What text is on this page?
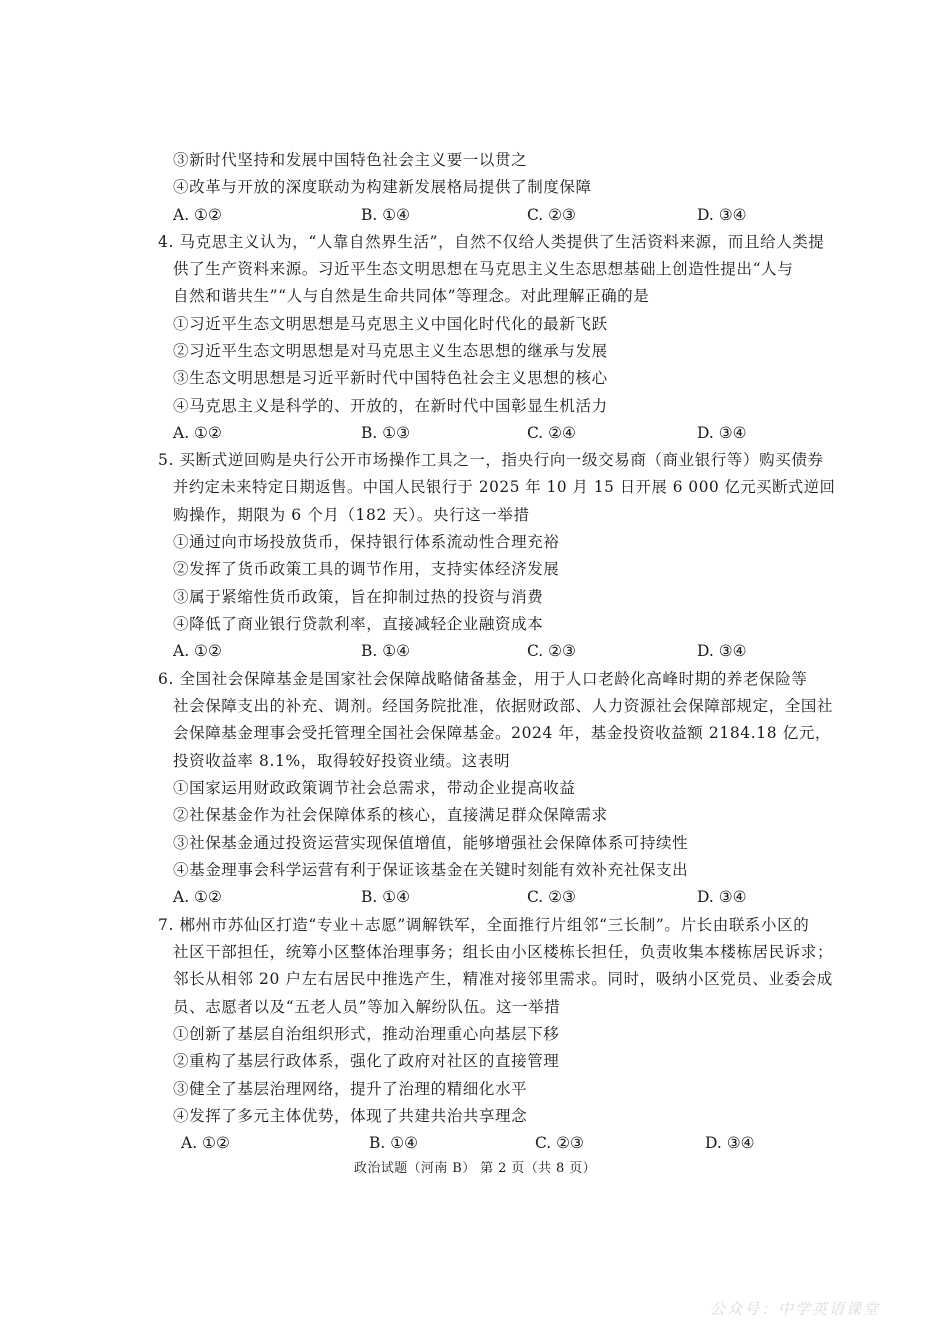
③新时代坚持和发展中国特色社会主义要一以贯之
④改革与开放的深度联动为构建新发展格局提供了制度保障
A. ①②	B. ①④	C. ②③	D. ③④
4. 马克思主义认为，“人靠自然界生活”，自然不仅给人类提供了生活资料来源，而且给人类提
供了生产资料来源。习近平生态文明思想在马克思主义生态思想基础上创造性提出“人与
自然和谐共生”“人与自然是生命共同体”等理念。对此理解正确的是
①习近平生态文明思想是马克思主义中国化时代化的最新飞跃
②习近平生态文明思想是对马克思主义生态思想的继承与发展
③生态文明思想是习近平新时代中国特色社会主义思想的核心
④马克思主义是科学的、开放的，在新时代中国彰显生机活力
A. ①②	B. ①③	C. ②④	D. ③④
5. 买断式逆回购是央行公开市场操作工具之一，指央行向一级交易商（商业银行等）购买债券
并约定未来特定日期返售。中国人民银行于 2025 年 10 月 15 日开展 6 000 亿元买断式逆回
购操作，期限为 6 个月（182 天）。央行这一举措
①通过向市场投放货币，保持银行体系流动性合理充裕
②发挥了货币政策工具的调节作用，支持实体经济发展
③属于紧缩性货币政策，旨在抑制过热的投资与消费
④降低了商业银行贷款利率，直接减轻企业融资成本
A. ①②	B. ①④	C. ②③	D. ③④
6. 全国社会保障基金是国家社会保障战略储备基金，用于人口老龄化高峰时期的养老保险等
社会保障支出的补充、调剂。经国务院批准，依据财政部、人力资源社会保障部规定，全国社
会保障基金理事会受托管理全国社会保障基金。2024 年，基金投资收益额 2184.18 亿元，
投资收益率 8.1%，取得较好投资业绩。这表明
①国家运用财政政策调节社会总需求，带动企业提高收益
②社保基金作为社会保障体系的核心，直接满足群众保障需求
③社保基金通过投资运营实现保值增值，能够增强社会保障体系可持续性
④基金理事会科学运营有利于保证该基金在关键时刻能有效补充社保支出
A. ①②	B. ①④	C. ②③	D. ③④
7. 郴州市苏仙区打造“专业＋志愿”调解铁军，全面推行片组邻“三长制”。片长由联系小区的
社区干部担任，统筹小区整体治理事务；组长由小区楼栋长担任，负责收集本楼栋居民诉求；
邻长从相邻 20 户左右居民中推选产生，精准对接邻里需求。同时，吸纳小区党员、业委会成
员、志愿者以及“五老人员”等加入解纷队伍。这一举措
①创新了基层自治组织形式，推动治理重心向基层下移
②重构了基层行政体系，强化了政府对社区的直接管理
③健全了基层治理网络，提升了治理的精细化水平
④发挥了多元主体优势，体现了共建共治共享理念
A. ①②	B. ①④	C. ②③	D. ③④
政治试题（河南 B） 第 2 页（共 8 页）
公众号：中学英语课堂
